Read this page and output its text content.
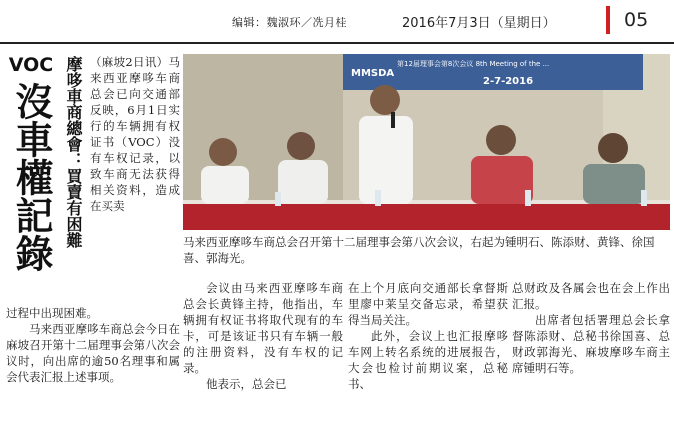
编辑：魏淑环／冼月桂	2016年7月3日（星期日）	05
VOC
沒車權記錄 摩哆車商總會：買賣有困難 （麻坡2日讯）马来西亚摩哆车商总会已向交通部反映，6月1日实行的车辆拥有权证书（VOC）没有车权记录，以致车商无法获得相关资料，造成在买卖

过程中出现困难。

马来西亚摩哆车商总会今日在麻坡召开第十二届理事会第八次会议时，向出席的逾50名理事和属会代表汇报上述事项。

MMSDA
第12届理事会第8次会议 8th Meeting of the ...
2-7-2016
马来西亚摩哆车商总会召开第十二届理事会第八次会议，右起为锺明石、陈添财、黄锋、徐国喜、郭海光。

会议由马来西亚摩哆车商总会长黄锋主持，他指出，车辆拥有权证书将取代现有的车卡，可是该证书只有车辆一般的注册资料，没有车权的记录。

他表示，总会已

在上个月底向交通部长拿督斯里廖中莱呈交备忘录，希望获得当局关注。

此外，会议上也汇报摩哆车网上转名系统的进展报告，大会也检讨前期议案，总秘书、

总财政及各属会也在会上作出汇报。

出席者包括署理总会长拿督陈添财、总秘书徐国喜、总财政郭海光、麻坡摩哆车商主席锺明石等。
